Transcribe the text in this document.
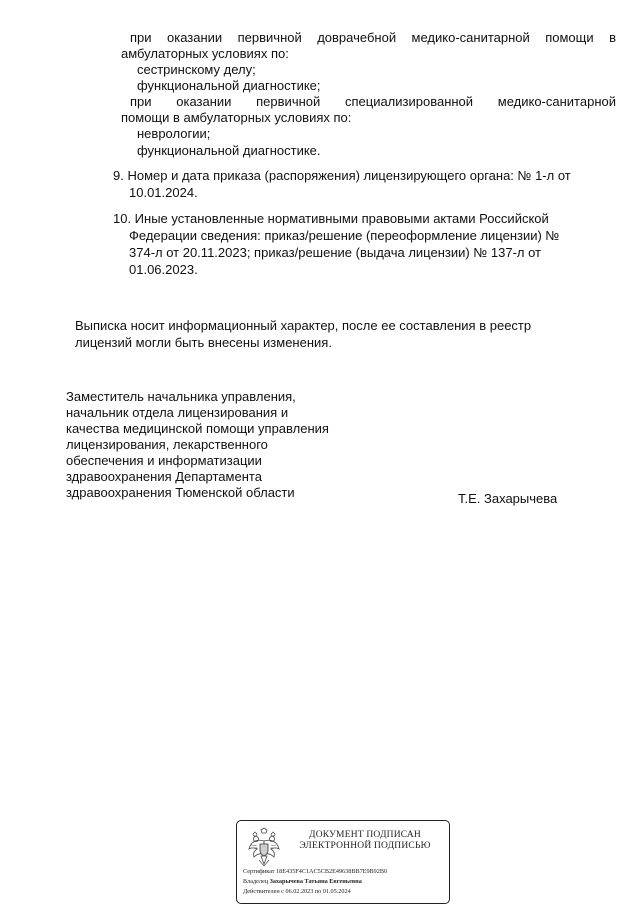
при оказании первичной доврачебной медико-санитарной помощи в
амбулаторных условиях по:
сестринскому делу;
функциональной диагностике;
при оказании первичной специализированной медико-санитарной
помощи в амбулаторных условиях по:
неврологии;
функциональной диагностике.
9. Номер и дата приказа (распоряжения) лицензирующего органа: № 1-л от
10.01.2024.
10. Иные установленные нормативными правовыми актами Российской
Федерации сведения: приказ/решение (переоформление лицензии) №
374-л от 20.11.2023; приказ/решение (выдача лицензии) № 137-л от
01.06.2023.
Выписка носит информационный характер, после ее составления в реестр
лицензий могли быть внесены изменения.
Заместитель начальника управления,
начальник отдела лицензирования и
качества медицинской помощи управления
лицензирования, лекарственного
обеспечения и информатизации
здравоохранения Департамента
здравоохранения Тюменской области	Т.Е. Захарычева
ДОКУМЕНТ ПОДПИСАН
ЭЛЕКТРОННОЙ ПОДПИСЬЮ
Сертификат 18E435F4C1AC5CB2E49638BB7E9B92B0
Владелец Захарычева Татьяна Евгеньевна
Действителен с 06.02.2023 по 01.05.2024
